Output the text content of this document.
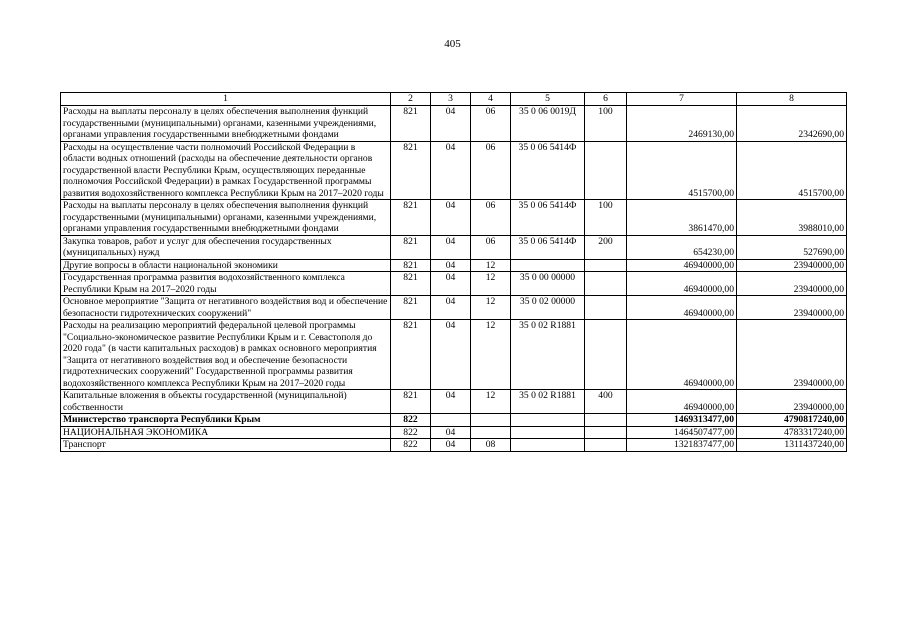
405
1	2	3	4	5	6	7	8
Расходы на выплаты персоналу в целях обеспечения выполнения функций государственными (муниципальными) органами, казенными учреждениями, органами управления государственными внебюджетными фондами	821	04	06	35 0 06 0019Д	100	2469130,00	2342690,00
Расходы на осуществление части полномочий Российской Федерации в области водных отношений (расходы на обеспечение деятельности органов государственной власти Республики Крым, осуществляющих переданные полномочия Российской Федерации) в рамках Государственной программы развития водохозяйственного комплекса Республики Крым на 2017–2020 годы	821	04	06	35 0 06 5414Ф		4515700,00	4515700,00
Расходы на выплаты персоналу в целях обеспечения выполнения функций государственными (муниципальными) органами, казенными учреждениями, органами управления государственными внебюджетными фондами	821	04	06	35 0 06 5414Ф	100	3861470,00	3988010,00
Закупка товаров, работ и услуг для обеспечения государственных (муниципальных) нужд	821	04	06	35 0 06 5414Ф	200	654230,00	527690,00
Другие вопросы в области национальной экономики	821	04	12			46940000,00	23940000,00
Государственная программа развития водохозяйственного комплекса Республики Крым на 2017–2020 годы	821	04	12	35 0 00 00000		46940000,00	23940000,00
Основное мероприятие "Защита от негативного воздействия вод и обеспечение безопасности гидротехнических сооружений"	821	04	12	35 0 02 00000		46940000,00	23940000,00
Расходы на реализацию мероприятий федеральной целевой программы "Социально-экономическое развитие Республики Крым и г. Севастополя до 2020 года" (в части капитальных расходов) в рамках основного мероприятия "Защита от негативного воздействия вод и обеспечение безопасности гидротехнических сооружений" Государственной программы развития водохозяйственного комплекса Республики Крым на 2017–2020 годы	821	04	12	35 0 02 R1881		46940000,00	23940000,00
Капитальные вложения в объекты государственной (муниципальной) собственности	821	04	12	35 0 02 R1881	400	46940000,00	23940000,00
Министерство транспорта Республики Крым	822					1469313477,00	4790817240,00
НАЦИОНАЛЬНАЯ ЭКОНОМИКА	822	04				1464507477,00	4783317240,00
Транспорт	822	04	08			1321837477,00	1311437240,00
